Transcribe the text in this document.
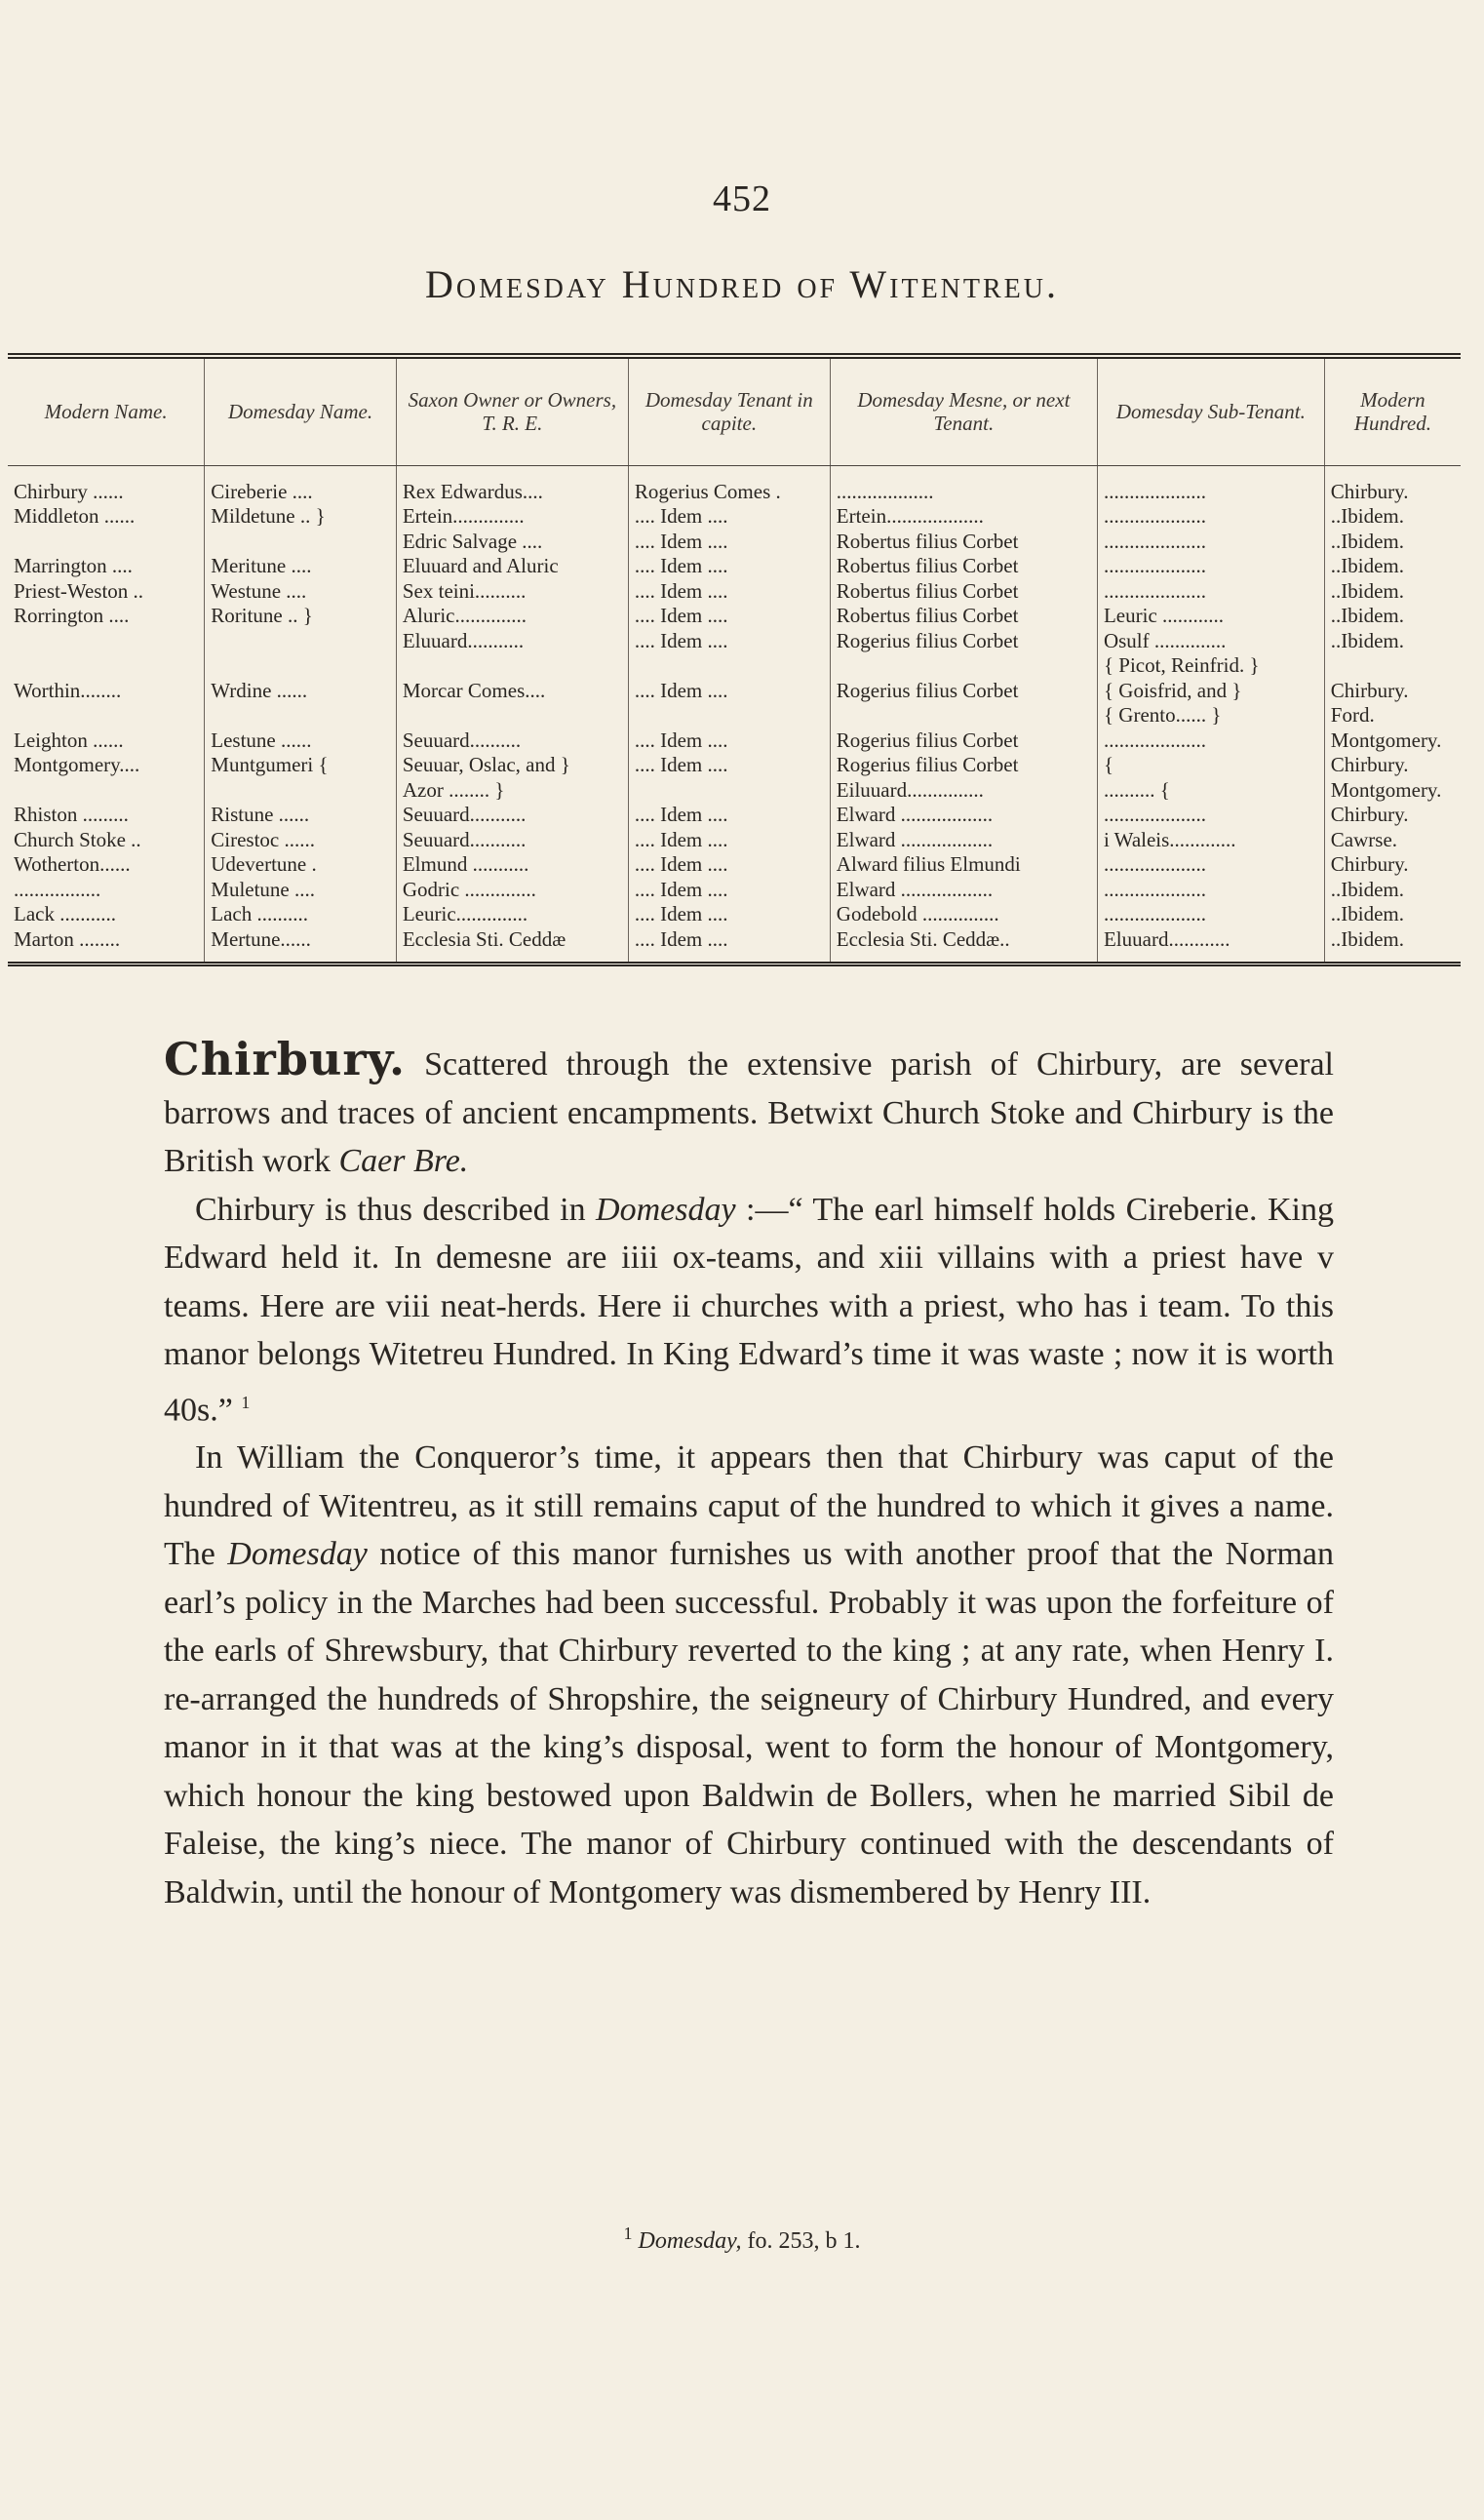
452
Domesday Hundred of Witentreu.
Modern Name.	Domesday Name.	Saxon Owner or Owners, T. R. E.	Domesday Tenant in capite.	Domesday Mesne, or next Tenant.	Domesday Sub-Tenant.	Modern Hundred.
Chirbury ......	Cireberie ....	Rex Edwardus....	Rogerius Comes .	...................	....................	Chirbury.
Middleton ......	Mildetune .. }	Ertein..............	.... Idem ....	Ertein...................	....................	..Ibidem.
		Edric Salvage ....	.... Idem ....	Robertus filius Corbet	....................	..Ibidem.
Marrington ....	Meritune ....	Eluuard and Aluric	.... Idem ....	Robertus filius Corbet	....................	..Ibidem.
Priest-Weston ..	Westune ....	Sex teini..........	.... Idem ....	Robertus filius Corbet	....................	..Ibidem.
Rorrington ....	Roritune .. }	Aluric..............	.... Idem ....	Robertus filius Corbet	Leuric ............	..Ibidem.
		Eluuard...........	.... Idem ....	Rogerius filius Corbet	Osulf ..............	..Ibidem.
					{ Picot, Reinfrid. }	
Worthin........	Wrdine ......	Morcar Comes....	.... Idem ....	Rogerius filius Corbet	{ Goisfrid, and }	Chirbury.
					{ Grento...... }	Ford.
Leighton ......	Lestune ......	Seuuard..........	.... Idem ....	Rogerius filius Corbet	....................	Montgomery.
Montgomery....	Muntgumeri {	Seuuar, Oslac, and }	.... Idem ....	Rogerius filius Corbet	{	Chirbury.
		Azor ........ }		Eiluuard...............	.......... {	Montgomery.
Rhiston .........	Ristune ......	Seuuard...........	.... Idem ....	Elward ..................	....................	Chirbury.
Church Stoke ..	Cirestoc ......	Seuuard...........	.... Idem ....	Elward ..................	i Waleis.............	Cawrse.
Wotherton......	Udevertune .	Elmund ...........	.... Idem ....	Alward filius Elmundi	....................	Chirbury.
.................	Muletune ....	Godric ..............	.... Idem ....	Elward ..................	....................	..Ibidem.
Lack ...........	Lach ..........	Leuric..............	.... Idem ....	Godebold ...............	....................	..Ibidem.
Marton ........	Mertune......	Ecclesia Sti. Ceddæ	.... Idem ....	Ecclesia Sti. Ceddæ..	Eluuard............	..Ibidem.

Chirbury. Scattered through the extensive parish of Chirbury, are several barrows and traces of ancient encampments. Betwixt Church Stoke and Chirbury is the British work Caer Bre.

Chirbury is thus described in Domesday :—“ The earl himself holds Cireberie. King Edward held it. In demesne are iiii ox-teams, and xiii villains with a priest have v teams. Here are viii neat-herds. Here ii churches with a priest, who has i team. To this manor belongs Witetreu Hundred. In King Edward’s time it was waste ; now it is worth 40s.” $^1$

In William the Conqueror’s time, it appears then that Chirbury was caput of the hundred of Witentreu, as it still remains caput of the hundred to which it gives a name. The Domesday notice of this manor furnishes us with another proof that the Norman earl’s policy in the Marches had been successful. Probably it was upon the forfeiture of the earls of Shrewsbury, that Chirbury reverted to the king ; at any rate, when Henry I. re-arranged the hundreds of Shropshire, the seigneury of Chirbury Hundred, and every manor in it that was at the king’s disposal, went to form the honour of Montgomery, which honour the king bestowed upon Baldwin de Bollers, when he married Sibil de Faleise, the king’s niece. The manor of Chirbury continued with the descendants of Baldwin, until the honour of Montgomery was dismembered by Henry III.

$^1$ Domesday, fo. 253, b 1.
